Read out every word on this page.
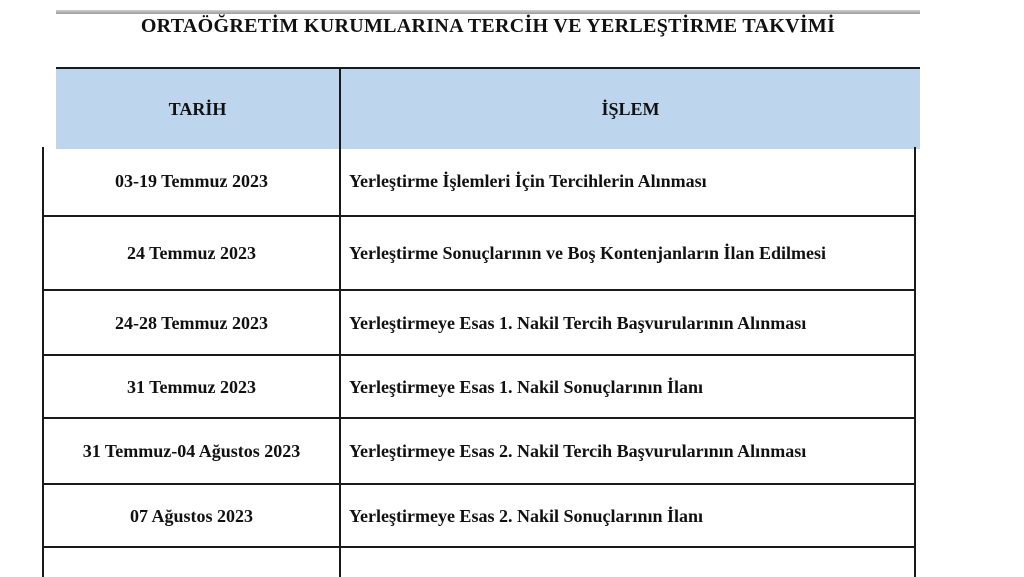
ORTAÖĞRETİM KURUMLARINA TERCİH VE YERLEŞTİRME TAKVİMİ
TARİH	İŞLEM
03-19 Temmuz 2023	Yerleştirme İşlemleri İçin Tercihlerin Alınması
24 Temmuz 2023	Yerleştirme Sonuçlarının ve Boş Kontenjanların İlan Edilmesi
24-28 Temmuz 2023	Yerleştirmeye Esas 1. Nakil Tercih Başvurularının Alınması
31 Temmuz 2023	Yerleştirmeye Esas 1. Nakil Sonuçlarının İlanı
31 Temmuz-04 Ağustos 2023	Yerleştirmeye Esas 2. Nakil Tercih Başvurularının Alınması
07 Ağustos 2023	Yerleştirmeye Esas 2. Nakil Sonuçlarının İlanı
